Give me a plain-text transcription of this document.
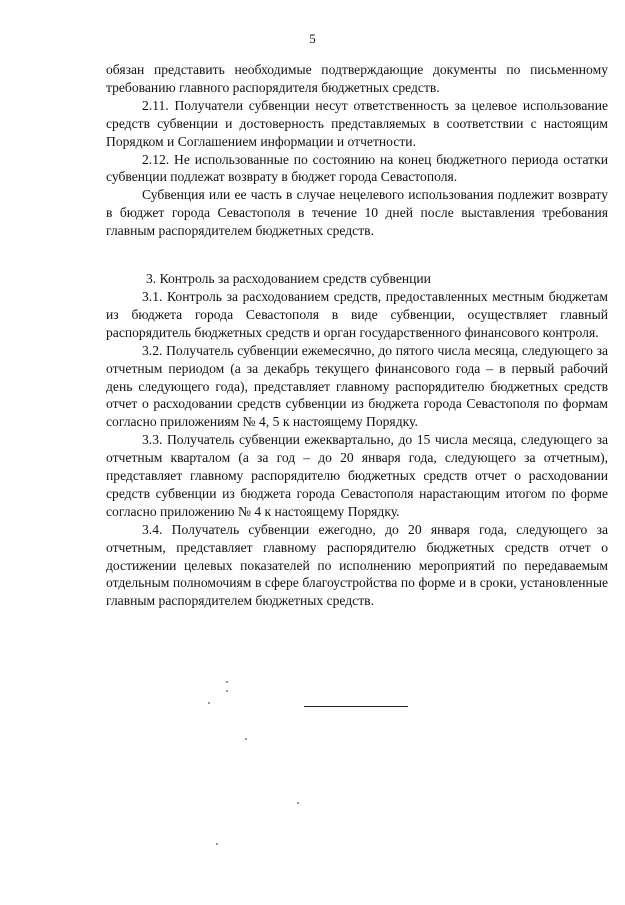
5

обязан представить необходимые подтверждающие документы по письменному требованию главного распорядителя бюджетных средств.

2.11. Получатели субвенции несут ответственность за целевое использование средств субвенции и достоверность представляемых в соответствии с настоящим Порядком и Соглашением информации и отчетности.

2.12. Не использованные по состоянию на конец бюджетного периода остатки субвенции подлежат возврату в бюджет города Севастополя.

Субвенция или ее часть в случае нецелевого использования подлежит возврату в бюджет города Севастополя в течение 10 дней после выставления требования главным распорядителем бюджетных средств.

3. Контроль за расходованием средств субвенции

3.1. Контроль за расходованием средств, предоставленных местным бюджетам из бюджета города Севастополя в виде субвенции, осуществляет главный распорядитель бюджетных средств и орган государственного финансового контроля.

3.2. Получатель субвенции ежемесячно, до пятого числа месяца, следующего за отчетным периодом (а за декабрь текущего финансового года – в первый рабочий день следующего года), представляет главному распорядителю бюджетных средств отчет о расходовании средств субвенции из бюджета города Севастополя по формам согласно приложениям № 4, 5 к настоящему Порядку.

3.3. Получатель субвенции ежеквартально, до 15 числа месяца, следующего за отчетным кварталом (а за год – до 20 января года, следующего за отчетным), представляет главному распорядителю бюджетных средств отчет о расходовании средств субвенции из бюджета города Севастополя нарастающим итогом по форме согласно приложению № 4 к настоящему Порядку.

3.4. Получатель субвенции ежегодно, до 20 января года, следующего за отчетным, представляет главному распорядителю бюджетных средств отчет о достижении целевых показателей по исполнению мероприятий по передаваемым отдельным полномочиям в сфере благоустройства по форме и в сроки, установленные главным распорядителем бюджетных средств.
